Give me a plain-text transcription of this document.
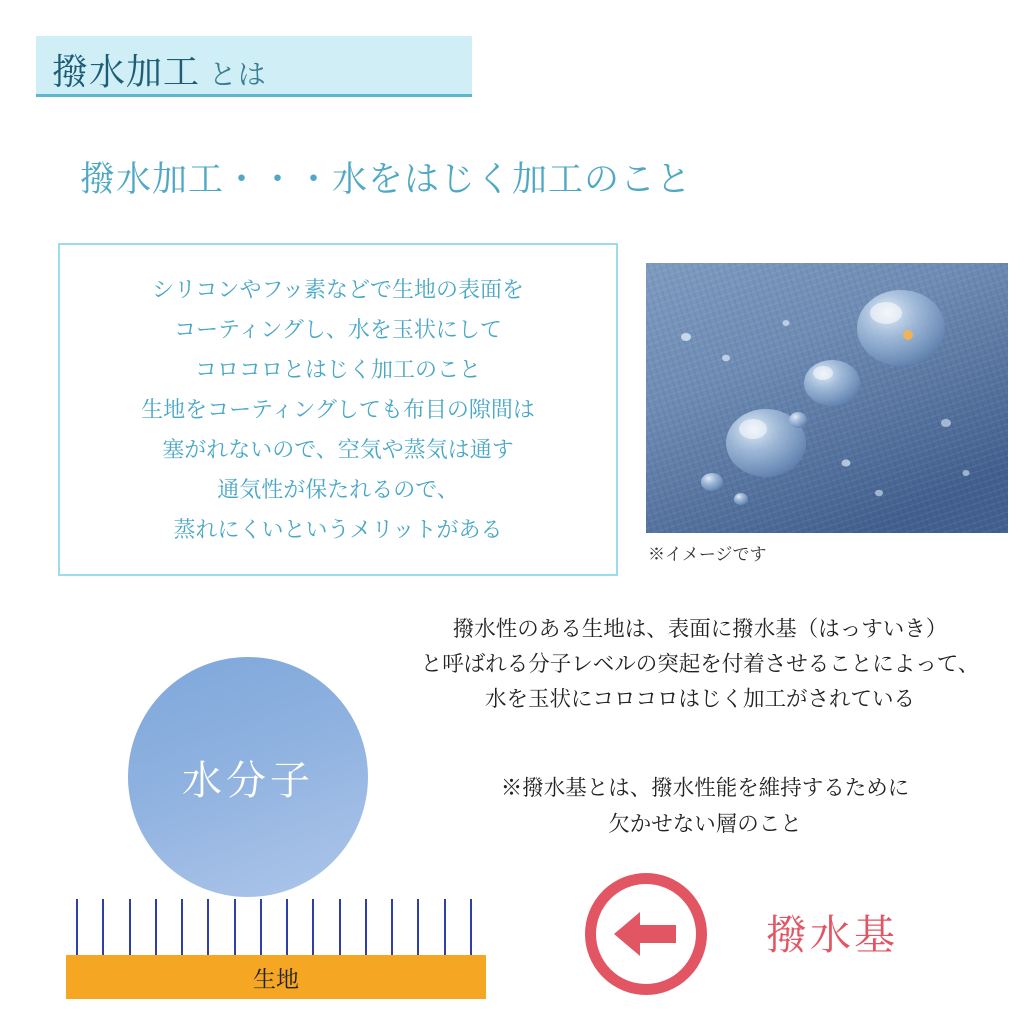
撥水加工 とは
撥水加工・・・水をはじく加工のこと
シリコンやフッ素などで生地の表面を
コーティングし、水を玉状にして
コロコロとはじく加工のこと
生地をコーティングしても布目の隙間は
塞がれないので、空気や蒸気は通す
通気性が保たれるので、
蒸れにくいというメリットがある
※イメージです
撥水性のある生地は、表面に撥水基（はっすいき）
と呼ばれる分子レベルの突起を付着させることによって、
水を玉状にコロコロはじく加工がされている
※撥水基とは、撥水性能を維持するために
欠かせない層のこと
水分子
生地
撥水基
